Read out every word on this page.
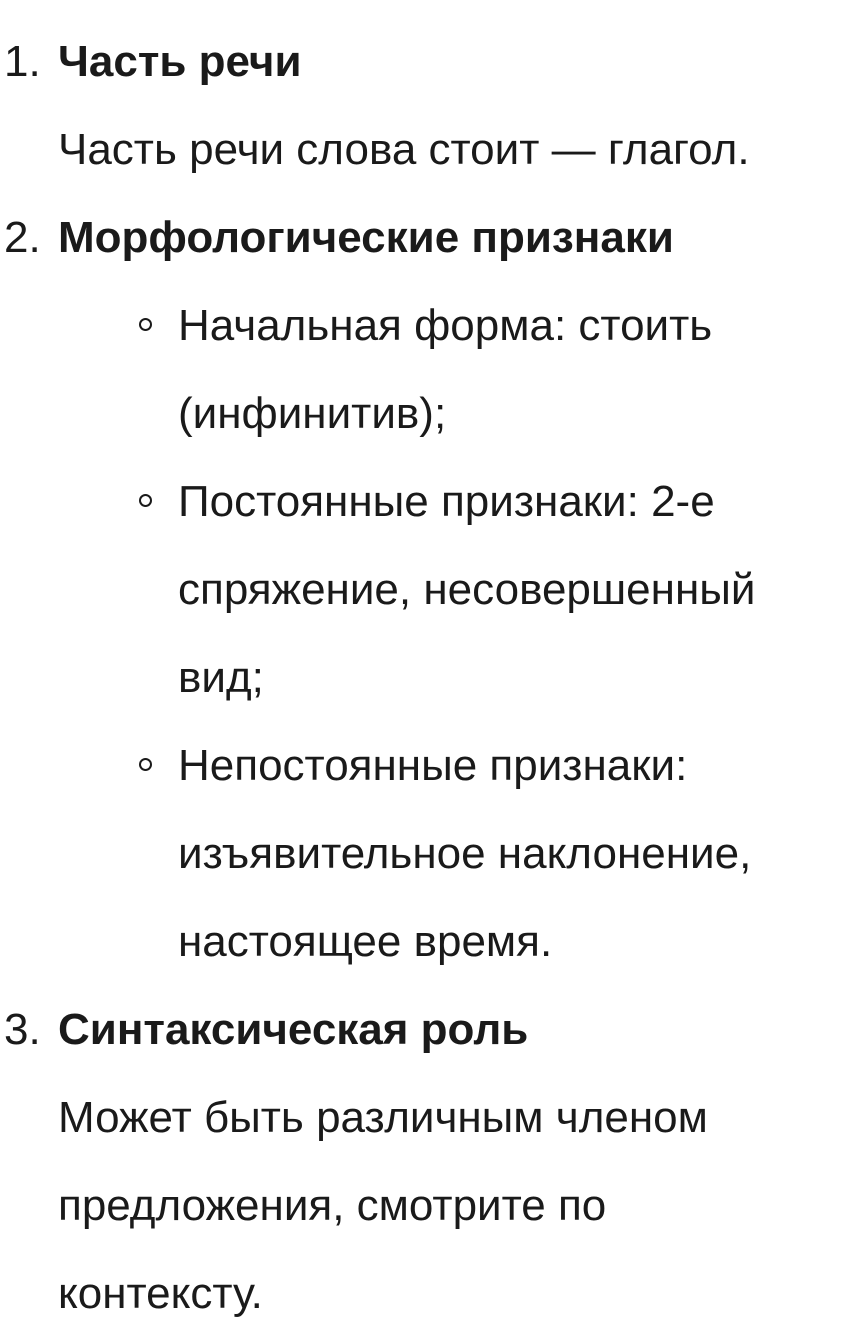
1. Часть речи
Часть речи слова стоит — глагол.
2. Морфологические признаки
Начальная форма: стоить
(инфинитив);
Постоянные признаки: 2-е
спряжение, несовершенный
вид;
Непостоянные признаки:
изъявительное наклонение,
настоящее время.
3. Синтаксическая роль
Может быть различным членом
предложения, смотрите по
контексту.
